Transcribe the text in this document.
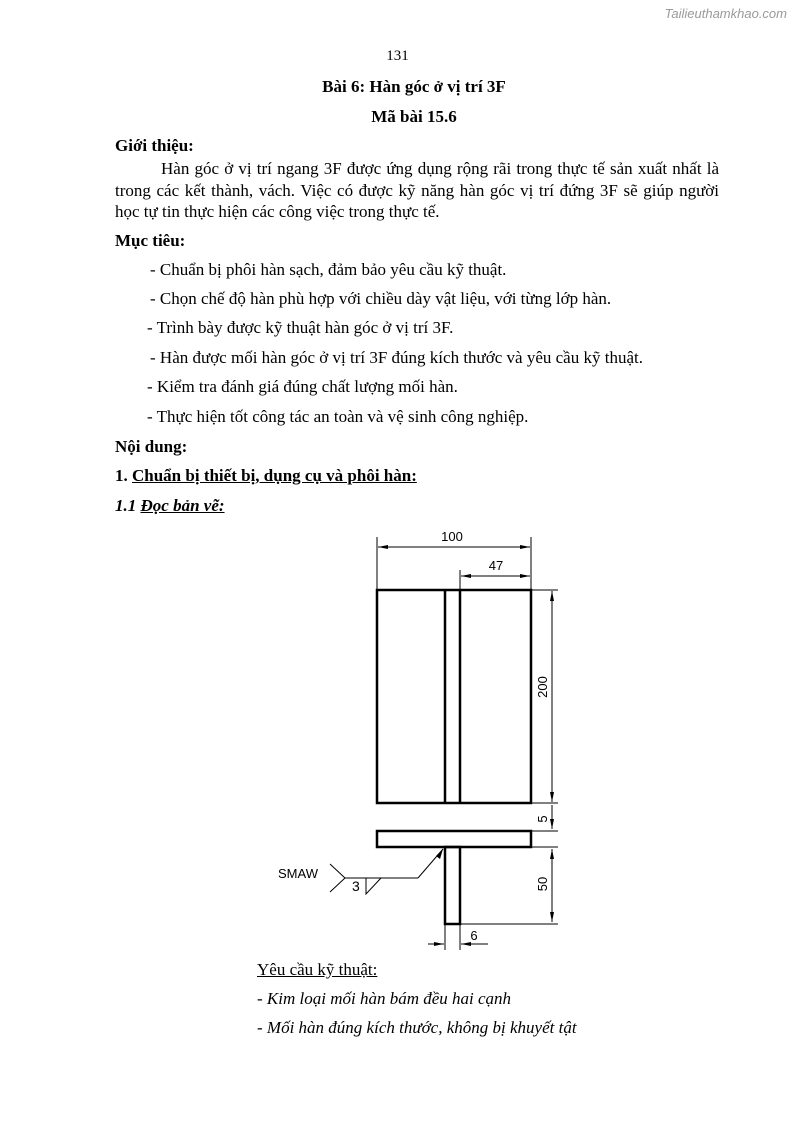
Tailieuthamkhao.com
131
Bài 6: Hàn góc ở vị trí 3F
Mã bài 15.6
Giới thiệu:

Hàn góc ở vị trí ngang 3F được ứng dụng rộng rãi trong thực tế sản xuất nhất là trong các kết thành, vách. Việc có được kỹ năng hàn góc vị trí đứng 3F sẽ giúp người học tự tin thực hiện các công việc trong thực tế.

Mục tiêu:
- Chuẩn bị phôi hàn sạch, đảm bảo yêu cầu kỹ thuật.
- Chọn chế độ hàn phù hợp với chiều dày vật liệu, với từng lớp hàn.
- Trình bày được kỹ thuật hàn góc ở vị trí 3F.
- Hàn được mối hàn góc ở vị trí 3F đúng kích thước và yêu cầu kỹ thuật.
- Kiểm tra đánh giá đúng chất lượng mối hàn.
- Thực hiện tốt công tác an toàn và vệ sinh công nghiệp.
Nội dung:
1. Chuẩn bị thiết bị, dụng cụ và phôi hàn:
1.1 Đọc bản vẽ:
100
47
200
5
50
6
SMAW
3
Yêu cầu kỹ thuật:
- Kim loại mối hàn bám đều hai cạnh
- Mối hàn đúng kích thước, không bị khuyết tật
